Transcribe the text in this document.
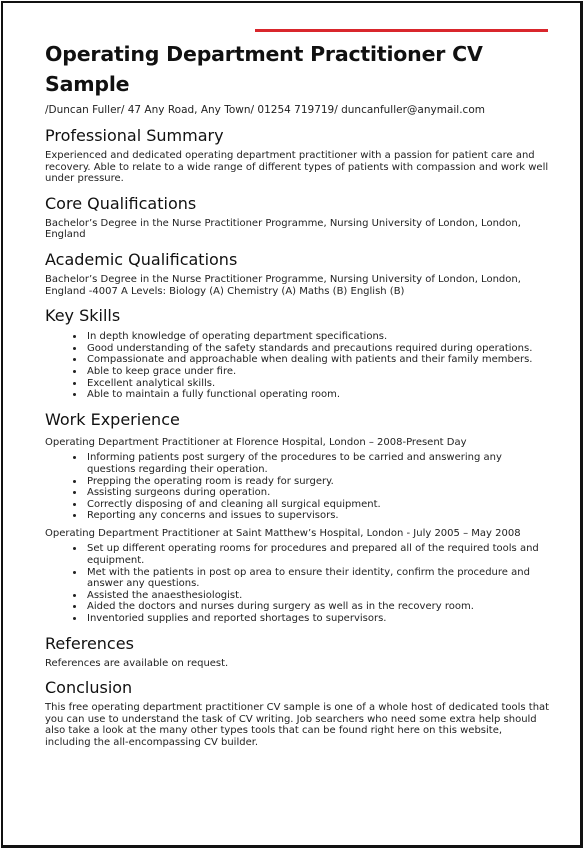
Operating Department Practitioner CV Sample
/Duncan Fuller/ 47 Any Road, Any Town/ 01254 719719/ duncanfuller@anymail.com
Professional Summary

Experienced and dedicated operating department practitioner with a passion for patient care and recovery. Able to relate to a wide range of different types of patients with compassion and work well under pressure.

Core Qualifications

Bachelor’s Degree in the Nurse Practitioner Programme, Nursing University of London, London, England

Academic Qualifications

Bachelor’s Degree in the Nurse Practitioner Programme, Nursing University of London, London, England -4007 A Levels: Biology (A) Chemistry (A) Maths (B) English (B)

Key Skills
• In depth knowledge of operating department specifications.
• Good understanding of the safety standards and precautions required during operations.
• Compassionate and approachable when dealing with patients and their family members.
• Able to keep grace under fire.
• Excellent analytical skills.
• Able to maintain a fully functional operating room.
Work Experience

Operating Department Practitioner at Florence Hospital, London – 2008-Present Day

• Informing patients post surgery of the procedures to be carried and answering any questions regarding their operation.
• Prepping the operating room is ready for surgery.
• Assisting surgeons during operation.
• Correctly disposing of and cleaning all surgical equipment.
• Reporting any concerns and issues to supervisors.

Operating Department Practitioner at Saint Matthew’s Hospital, London - July 2005 – May 2008

• Set up different operating rooms for procedures and prepared all of the required tools and equipment.
• Met with the patients in post op area to ensure their identity, confirm the procedure and answer any questions.
• Assisted the anaesthesiologist.
• Aided the doctors and nurses during surgery as well as in the recovery room.
• Inventoried supplies and reported shortages to supervisors.
References

References are available on request.

Conclusion

This free operating department practitioner CV sample is one of a whole host of dedicated tools that you can use to understand the task of CV writing. Job searchers who need some extra help should also take a look at the many other types tools that can be found right here on this website, including the all-encompassing CV builder.
